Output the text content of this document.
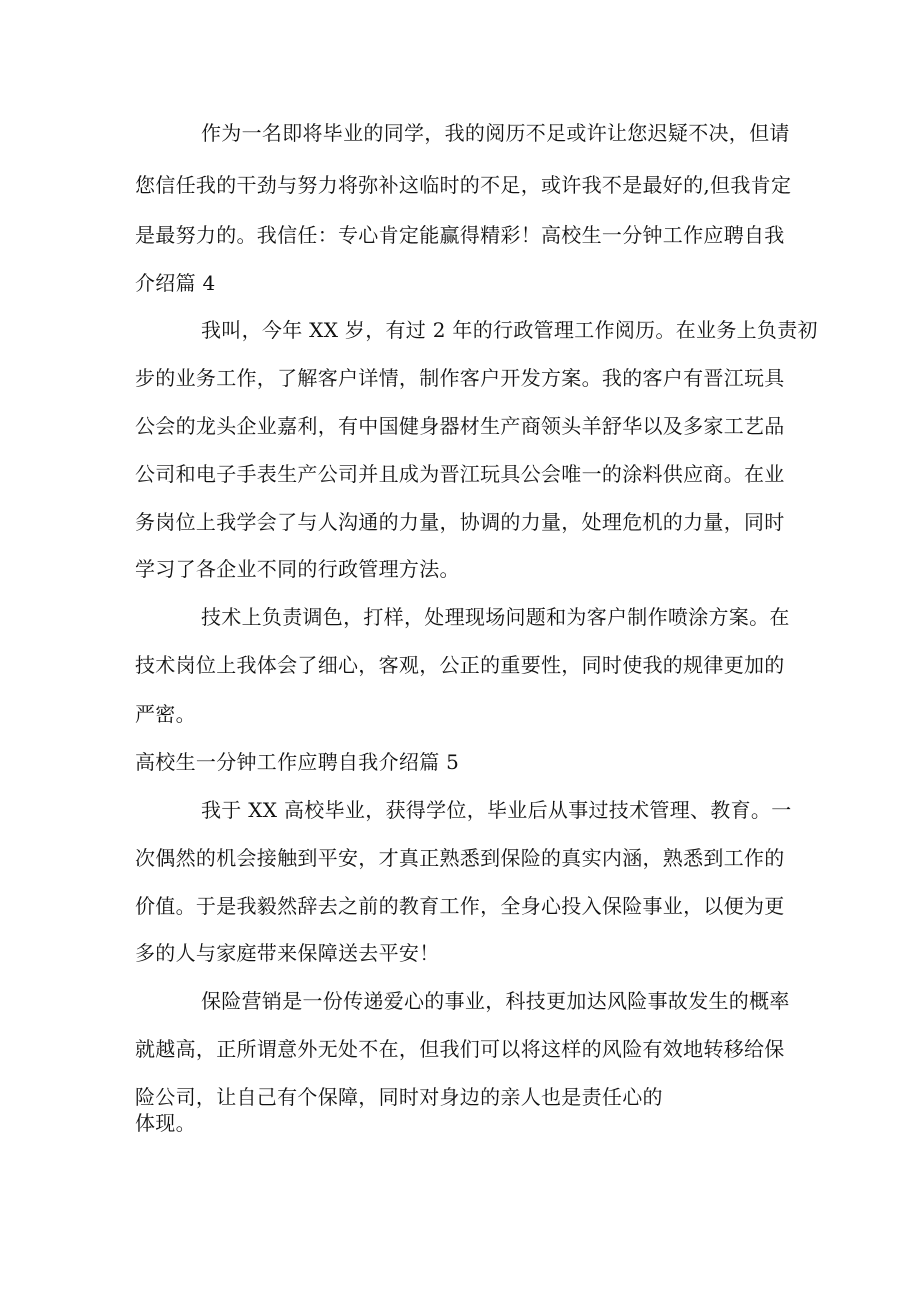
作为一名即将毕业的同学，我的阅历不足或许让您迟疑不决，但请
您信任我的干劲与努力将弥补这临时的不足，或许我不是最好的,但我肯定
是最努力的。我信任：专心肯定能赢得精彩！高校生一分钟工作应聘自我
介绍篇 4
我叫，今年 XX 岁，有过 2 年的行政管理工作阅历。在业务上负责初
步的业务工作，了解客户详情，制作客户开发方案。我的客户有晋江玩具
公会的龙头企业嘉利，有中国健身器材生产商领头羊舒华以及多家工艺品
公司和电子手表生产公司并且成为晋江玩具公会唯一的涂料供应商。在业
务岗位上我学会了与人沟通的力量，协调的力量，处理危机的力量，同时
学习了各企业不同的行政管理方法。
技术上负责调色，打样，处理现场问题和为客户制作喷涂方案。在
技术岗位上我体会了细心，客观，公正的重要性，同时使我的规律更加的
严密。
高校生一分钟工作应聘自我介绍篇 5
我于 XX 高校毕业，获得学位，毕业后从事过技术管理、教育。一
次偶然的机会接触到平安，才真正熟悉到保险的真实内涵，熟悉到工作的
价值。于是我毅然辞去之前的教育工作，全身心投入保险事业，以便为更
多的人与家庭带来保障送去平安！
保险营销是一份传递爱心的事业，科技更加达风险事故发生的概率
就越高，正所谓意外无处不在，但我们可以将这样的风险有效地转移给保
险公司，让自己有个保障，同时对身边的亲人也是责任心的
体现。
